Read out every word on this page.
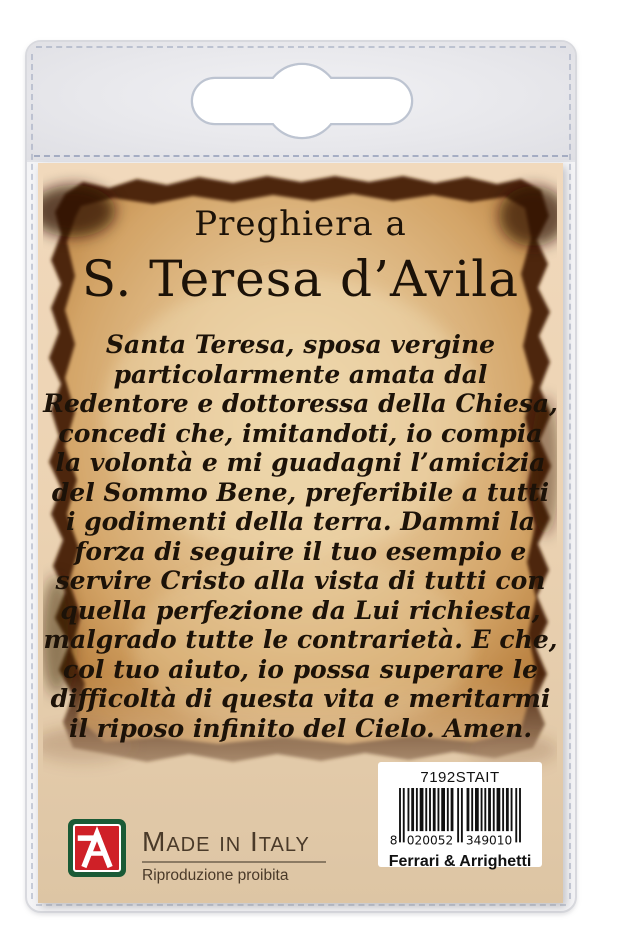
Preghiera a
S. Teresa d’Avila
Santa Teresa, sposa vergine
particolarmente amata dal
Redentore e dottoressa della Chiesa,
concedi che, imitandoti, io compia
la volontà e mi guadagni l’amicizia
del Sommo Bene, preferibile a tutti
i godimenti della terra. Dammi la
forza di seguire il tuo esempio e
servire Cristo alla vista di tutti con
quella perfezione da Lui richiesta,
malgrado tutte le contrarietà. E che,
col tuo aiuto, io possa superare le
difficoltà di questa vita e meritarmi
il riposo infinito del Cielo. Amen.
Made in Italy
Riproduzione proibita
7192STAIT
8 020052 349010
Ferrari & Arrighetti
